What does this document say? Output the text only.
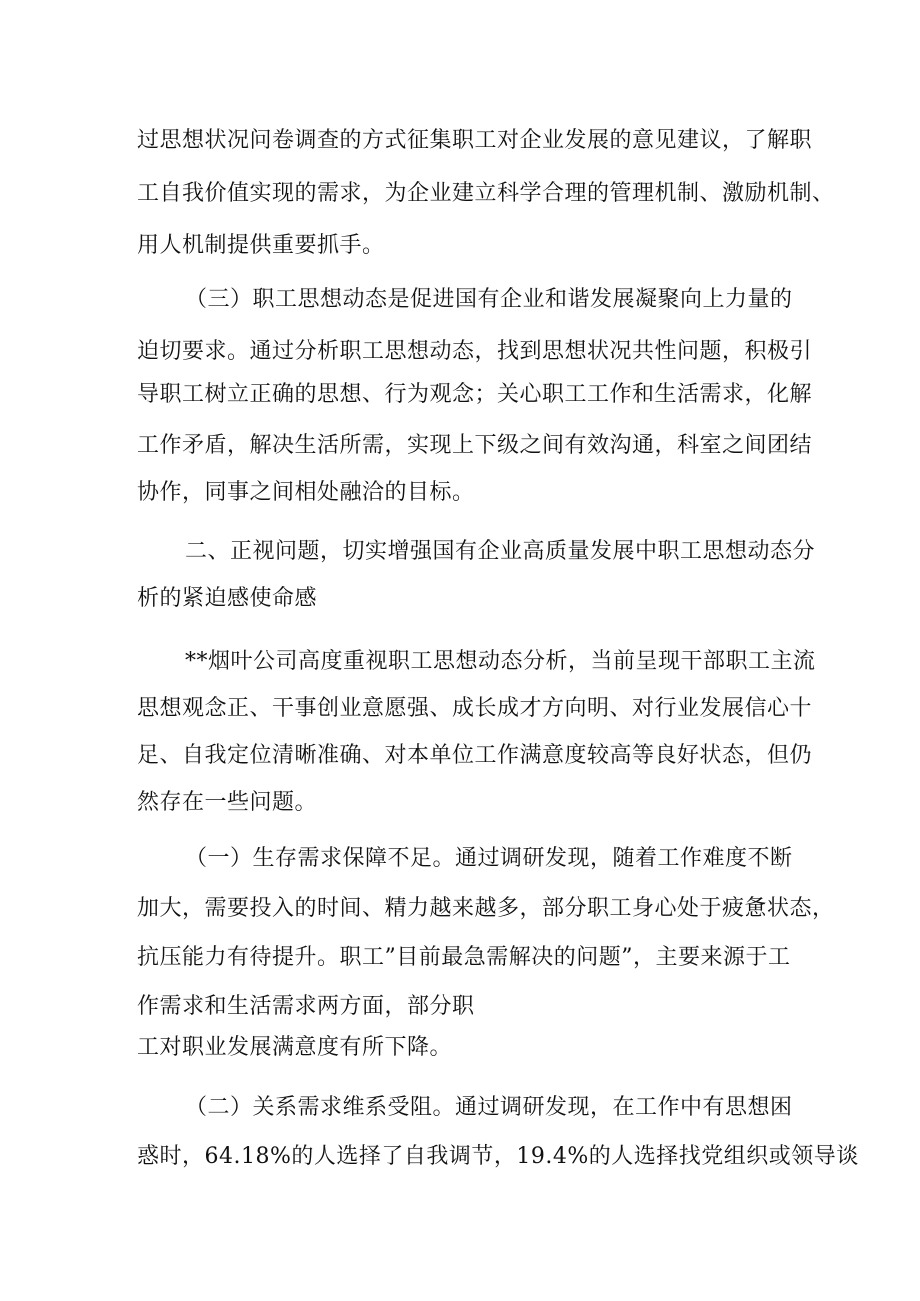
过思想状况问卷调查的方式征集职工对企业发展的意见建议，了解职
工自我价值实现的需求，为企业建立科学合理的管理机制、激励机制、
用人机制提供重要抓手。
（三）职工思想动态是促进国有企业和谐发展凝聚向上力量的
迫切要求。通过分析职工思想动态，找到思想状况共性问题，积极引
导职工树立正确的思想、行为观念；关心职工工作和生活需求，化解
工作矛盾，解决生活所需，实现上下级之间有效沟通，科室之间团结
协作，同事之间相处融洽的目标。
二、正视问题，切实增强国有企业高质量发展中职工思想动态分
析的紧迫感使命感
**烟叶公司高度重视职工思想动态分析，当前呈现干部职工主流
思想观念正、干事创业意愿强、成长成才方向明、对行业发展信心十
足、自我定位清晰准确、对本单位工作满意度较高等良好状态，但仍
然存在一些问题。
（一）生存需求保障不足。通过调研发现，随着工作难度不断
加大，需要投入的时间、精力越来越多，部分职工身心处于疲惫状态，
抗压能力有待提升。职工”目前最急需解决的问题”，主要来源于工
作需求和生活需求两方面，部分职
工对职业发展满意度有所下降。
（二）关系需求维系受阻。通过调研发现，在工作中有思想困
惑时，64.18%的人选择了自我调节，19.4%的人选择找党组织或领导谈
